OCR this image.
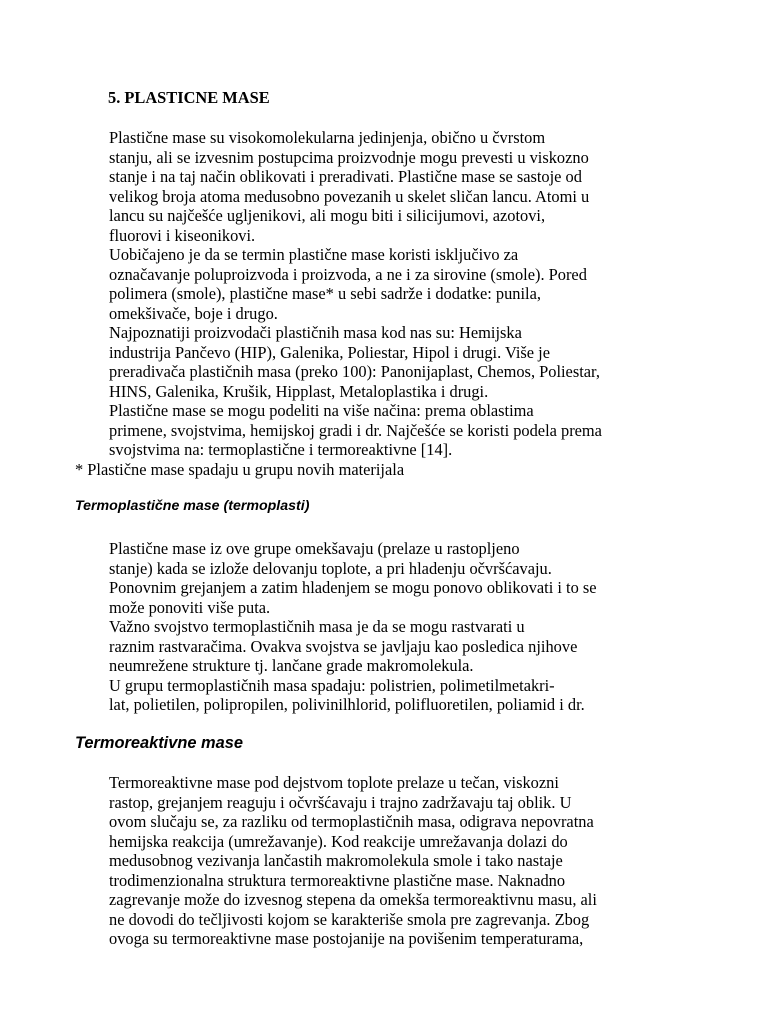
5. PLASTICNE MASE
Plastične mase su visokomolekularna jedinjenja, obično u čvrstom
stanju, ali se izvesnim postupcima proizvodnje mogu prevesti u viskozno
stanje i na taj način oblikovati i preradivati. Plastične mase se sastoje od
velikog broja atoma medusobno povezanih u skelet sličan lancu. Atomi u
lancu su najčešće ugljenikovi, ali mogu biti i silicijumovi, azotovi,
fluorovi i kiseonikovi.
Uobičajeno je da se termin plastične mase koristi isključivo za
označavanje poluproizvoda i proizvoda, a ne i za sirovine (smole). Pored
polimera (smole), plastične mase* u sebi sadrže i dodatke: punila,
omekšivače, boje i drugo.
Najpoznatiji proizvodači plastičnih masa kod nas su: Hemijska
industrija Pančevo (HIP), Galenika, Poliestar, Hipol i drugi. Više je
preradivača plastičnih masa (preko 100): Panonijaplast, Chemos, Poliestar,
HINS, Galenika, Krušik, Hipplast, Metaloplastika i drugi.
Plastične mase se mogu podeliti na više načina: prema oblastima
primene, svojstvima, hemijskoj gradi i dr. Najčešće se koristi podela prema
svojstvima na: termoplastične i termoreaktivne [14].
* Plastične mase spadaju u grupu novih materijala
Termoplastične mase (termoplasti)
Plastične mase iz ove grupe omekšavaju (prelaze u rastopljeno
stanje) kada se izlože delovanju toplote, a pri hladenju očvršćavaju.
Ponovnim grejanjem a zatim hladenjem se mogu ponovo oblikovati i to se
može ponoviti više puta.
Važno svojstvo termoplastičnih masa je da se mogu rastvarati u
raznim rastvaračima. Ovakva svojstva se javljaju kao posledica njihove
neumrežene strukture tj. lančane grade makromolekula.
U grupu termoplastičnih masa spadaju: polistrien, polimetilmetakri-
lat, polietilen, polipropilen, polivinilhlorid, polifluoretilen, poliamid i dr.
Termoreaktivne mase
Termoreaktivne mase pod dejstvom toplote prelaze u tečan, viskozni
rastop, grejanjem reaguju i očvršćavaju i trajno zadržavaju taj oblik. U
ovom slučaju se, za razliku od termoplastičnih masa, odigrava nepovratna
hemijska reakcija (umrežavanje). Kod reakcije umrežavanja dolazi do
medusobnog vezivanja lančastih makromolekula smole i tako nastaje
trodimenzionalna struktura termoreaktivne plastične mase. Naknadno
zagrevanje može do izvesnog stepena da omekša termoreaktivnu masu, ali
ne dovodi do tečljivosti kojom se karakteriše smola pre zagrevanja. Zbog
ovoga su termoreaktivne mase postojanije na povišenim temperaturama,
